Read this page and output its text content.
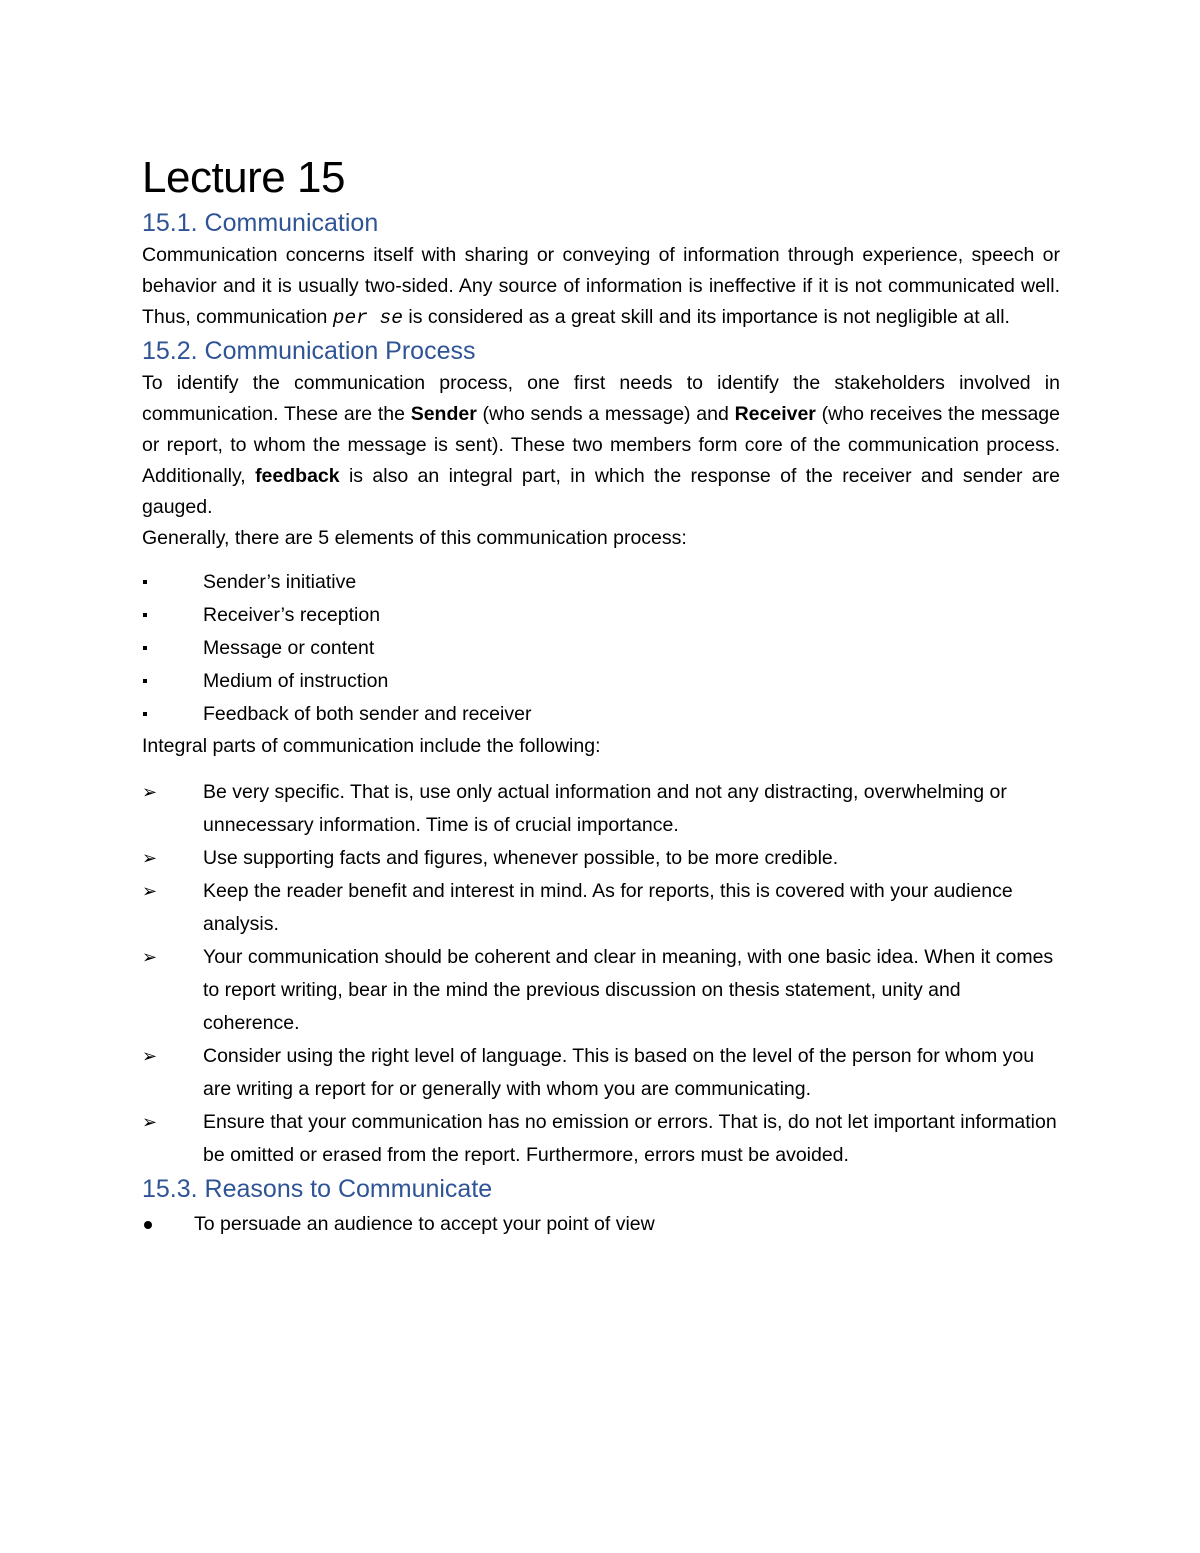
Lecture 15
15.1. Communication

Communication concerns itself with sharing or conveying of information through experience, speech or behavior and it is usually two-sided. Any source of information is ineffective if it is not communicated well. Thus, communication per se is considered as a great skill and its importance is not negligible at all.

15.2. Communication Process

To identify the communication process, one first needs to identify the stakeholders involved in communication. These are the Sender (who sends a message) and Receiver (who receives the message or report, to whom the message is sent). These two members form core of the communication process. Additionally, feedback is also an integral part, in which the response of the receiver and sender are gauged.

Generally, there are 5 elements of this communication process:

Sender’s initiative
Receiver’s reception
Message or content
Medium of instruction
Feedback of both sender and receiver

Integral parts of communication include the following:

➢ Be very specific. That is, use only actual information and not any distracting, overwhelming or unnecessary information. Time is of crucial importance.
➢ Use supporting facts and figures, whenever possible, to be more credible.
➢ Keep the reader benefit and interest in mind. As for reports, this is covered with your audience analysis.
➢ Your communication should be coherent and clear in meaning, with one basic idea. When it comes to report writing, bear in the mind the previous discussion on thesis statement, unity and coherence.
➢ Consider using the right level of language. This is based on the level of the person for whom you are writing a report for or generally with whom you are communicating.
➢ Ensure that your communication has no emission or errors. That is, do not let important information be omitted or erased from the report. Furthermore, errors must be avoided.
15.3. Reasons to Communicate
To persuade an audience to accept your point of view
